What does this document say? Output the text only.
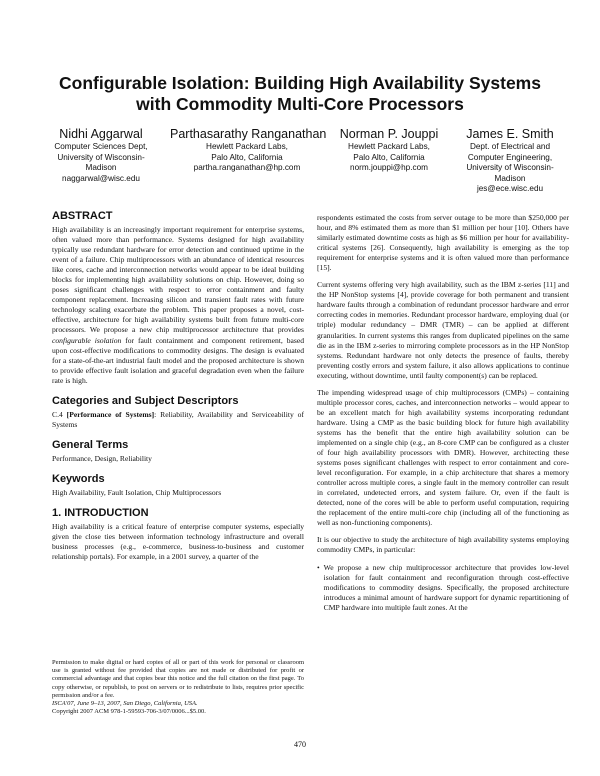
Configurable Isolation: Building High Availability Systems
with Commodity Multi-Core Processors
Nidhi Aggarwal
Computer Sciences Dept,
University of Wisconsin-
Madison
naggarwal@wisc.edu
Parthasarathy Ranganathan
Hewlett Packard Labs,
Palo Alto, California
partha.ranganathan@hp.com
Norman P. Jouppi
Hewlett Packard Labs,
Palo Alto, California
norm.jouppi@hp.com
James E. Smith
Dept. of Electrical and
Computer Engineering,
University of Wisconsin-
Madison
jes@ece.wisc.edu
ABSTRACT

High availability is an increasingly important requirement for enterprise systems, often valued more than performance. Systems designed for high availability typically use redundant hardware for error detection and continued uptime in the event of a failure. Chip multiprocessors with an abundance of identical resources like cores, cache and interconnection networks would appear to be ideal building blocks for implementing high availability solutions on chip. However, doing so poses significant challenges with respect to error containment and faulty component replacement. Increasing silicon and transient fault rates with future technology scaling exacerbate the problem. This paper proposes a novel, cost-effective, architecture for high availability systems built from future multi-core processors. We propose a new chip multiprocessor architecture that provides configurable isolation for fault containment and component retirement, based upon cost-effective modifications to commodity designs. The design is evaluated for a state-of-the-art industrial fault model and the proposed architecture is shown to provide effective fault isolation and graceful degradation even when the failure rate is high.

Categories and Subject Descriptors

C.4 [Performance of Systems]: Reliability, Availability and Serviceability of Systems

General Terms

Performance, Design, Reliability

Keywords

High Availability, Fault Isolation, Chip Multiprocessors

1. INTRODUCTION

High availability is a critical feature of enterprise computer systems, especially given the close ties between information technology infrastructure and overall business processes (e.g., e-commerce, business-to-business and customer relationship portals). For example, in a 2001 survey, a quarter of the

Permission to make digital or hard copies of all or part of this work for personal or classroom use is granted without fee provided that copies are not made or distributed for profit or commercial advantage and that copies bear this notice and the full citation on the first page. To copy otherwise, or republish, to post on servers or to redistribute to lists, requires prior specific permission and/or a fee.

ISCA'07, June 9–13, 2007, San Diego, California, USA.

Copyright 2007 ACM 978-1-59593-706-3/07/0006...$5.00.

respondents estimated the costs from server outage to be more than $250,000 per hour, and 8% estimated them as more than $1 million per hour [10]. Others have similarly estimated downtime costs as high as $6 million per hour for availability-critical systems [26]. Consequently, high availability is emerging as the top requirement for enterprise systems and it is often valued more than performance [15].

Current systems offering very high availability, such as the IBM z-series [11] and the HP NonStop systems [4], provide coverage for both permanent and transient hardware faults through a combination of redundant processor hardware and error correcting codes in memories. Redundant processor hardware, employing dual (or triple) modular redundancy – DMR (TMR) – can be applied at different granularities. In current systems this ranges from duplicated pipelines on the same die as in the IBM z-series to mirroring complete processors as in the HP NonStop systems. Redundant hardware not only detects the presence of faults, thereby preventing costly errors and system failure, it also allows applications to continue executing, without downtime, until faulty component(s) can be replaced.

The impending widespread usage of chip multiprocessors (CMPs) – containing multiple processor cores, caches, and interconnection networks – would appear to be an excellent match for high availability systems incorporating redundant hardware. Using a CMP as the basic building block for future high availability systems has the benefit that the entire high availability solution can be implemented on a single chip (e.g., an 8-core CMP can be configured as a cluster of four high availability processors with DMR). However, architecting these systems poses significant challenges with respect to error containment and core-level reconfiguration. For example, in a chip architecture that shares a memory controller across multiple cores, a single fault in the memory controller can result in correlated, undetected errors, and system failure. Or, even if the fault is detected, none of the cores will be able to perform useful computation, requiring the replacement of the entire multi-core chip (including all of the functioning as well as non-functioning components).

It is our objective to study the architecture of high availability systems employing commodity CMPs, in particular:

• We propose a new chip multiprocessor architecture that provides low-level isolation for fault containment and reconfiguration through cost-effective modifications to commodity designs. Specifically, the proposed architecture introduces a minimal amount of hardware support for dynamic repartitioning of CMP hardware into multiple fault zones. At the

470
